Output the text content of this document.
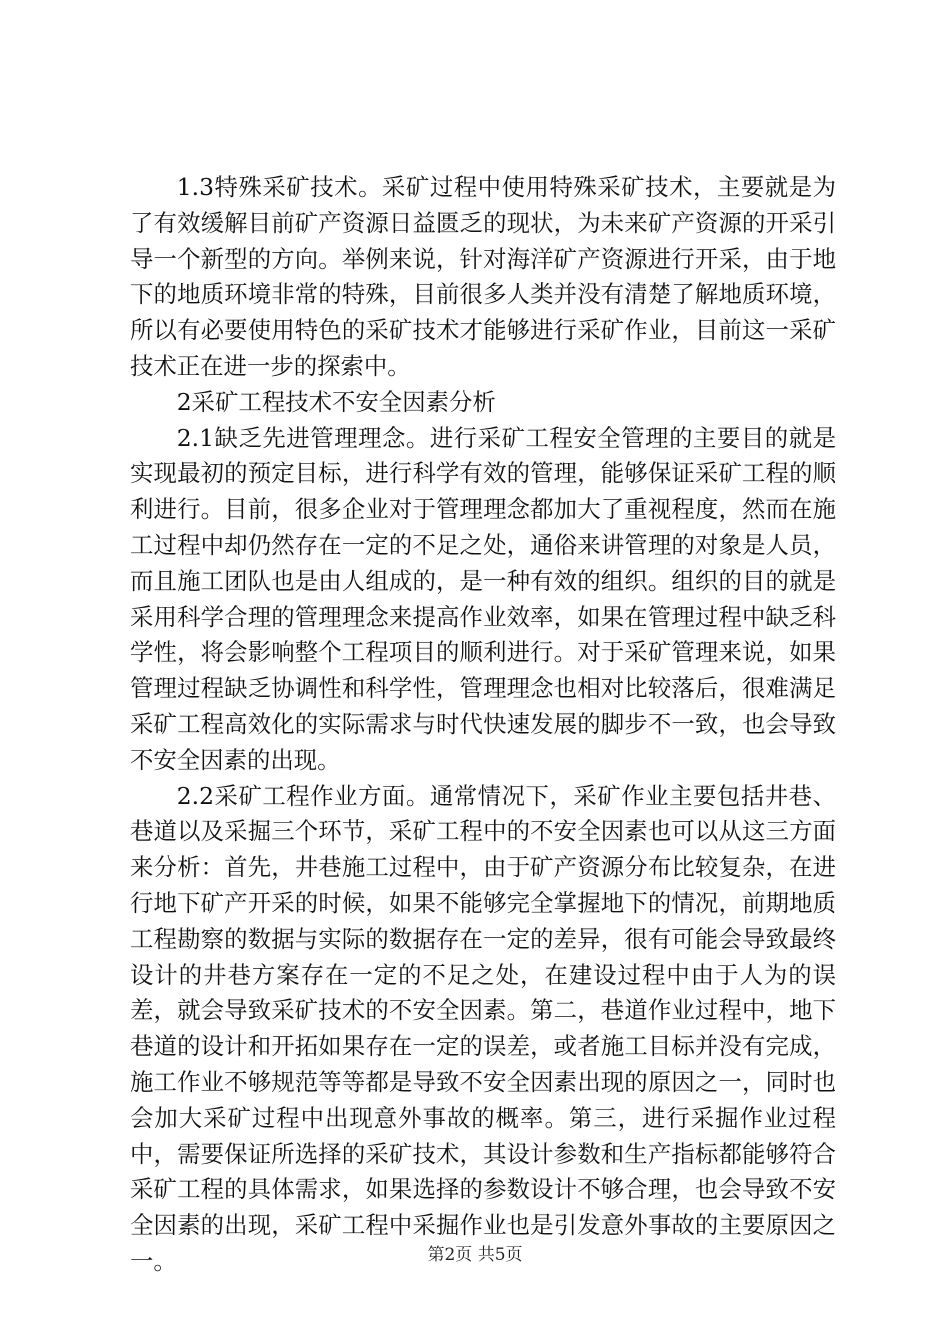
1.3特殊采矿技术。采矿过程中使用特殊采矿技术，主要就是为了有效缓解目前矿产资源日益匮乏的现状，为未来矿产资源的开采引导一个新型的方向。举例来说，针对海洋矿产资源进行开采，由于地下的地质环境非常的特殊，目前很多人类并没有清楚了解地质环境，所以有必要使用特色的采矿技术才能够进行采矿作业，目前这一采矿技术正在进一步的探索中。

2采矿工程技术不安全因素分析

2.1缺乏先进管理理念。进行采矿工程安全管理的主要目的就是实现最初的预定目标，进行科学有效的管理，能够保证采矿工程的顺利进行。目前，很多企业对于管理理念都加大了重视程度，然而在施工过程中却仍然存在一定的不足之处，通俗来讲管理的对象是人员，而且施工团队也是由人组成的，是一种有效的组织。组织的目的就是采用科学合理的管理理念来提高作业效率，如果在管理过程中缺乏科学性，将会影响整个工程项目的顺利进行。对于采矿管理来说，如果管理过程缺乏协调性和科学性，管理理念也相对比较落后，很难满足采矿工程高效化的实际需求与时代快速发展的脚步不一致，也会导致不安全因素的出现。

2.2采矿工程作业方面。通常情况下，采矿作业主要包括井巷、巷道以及采掘三个环节，采矿工程中的不安全因素也可以从这三方面来分析：首先，井巷施工过程中，由于矿产资源分布比较复杂，在进行地下矿产开采的时候，如果不能够完全掌握地下的情况，前期地质工程勘察的数据与实际的数据存在一定的差异，很有可能会导致最终设计的井巷方案存在一定的不足之处，在建设过程中由于人为的误差，就会导致采矿技术的不安全因素。第二，巷道作业过程中，地下巷道的设计和开拓如果存在一定的误差，或者施工目标并没有完成，施工作业不够规范等等都是导致不安全因素出现的原因之一，同时也会加大采矿过程中出现意外事故的概率。第三，进行采掘作业过程中，需要保证所选择的采矿技术，其设计参数和生产指标都能够符合采矿工程的具体需求，如果选择的参数设计不够合理，也会导致不安全因素的出现，采矿工程中采掘作业也是引发意外事故的主要原因之一。	第2页 共5页
